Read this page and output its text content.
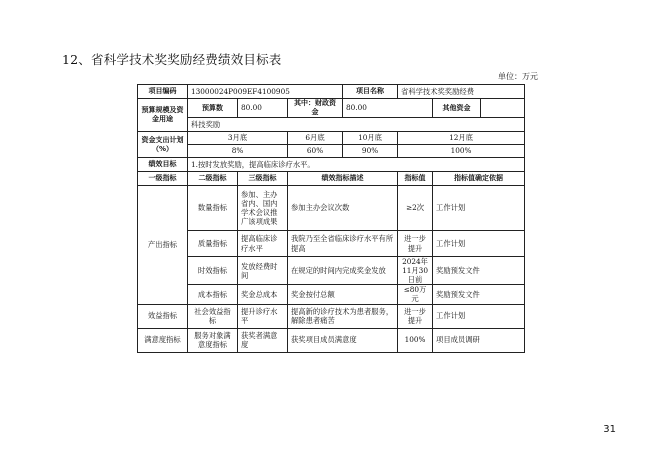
12、省科学技术奖奖励经费绩效目标表
单位：万元
项目编码	13000024P009EF4100905			项目名称	省科学技术奖奖励经费		
预算规模及资金用途	预算数	80.00	其中：财政资金	80.00		其他资金	
	科技奖励						
资金支出计划（%）	3月底		6月底	10月底	12月底		
	8%		60%	90%	100%		
绩效目标	1.按时发放奖励，提高临床诊疗水平。						
一级指标	二级指标	三级指标	绩效指标描述		指标值	指标值确定依据	
产出指标	数量指标	参加、主办省内、国内学术会议推广该项成果	参加主办会议次数		≥2次	工作计划	
	质量指标	提高临床诊疗水平	我院乃至全省临床诊疗水平有所提高		进一步提升	工作计划	
	时效指标	发放经费时间	在规定的时间内完成奖金发放		2024年11月30日前	奖励预发文件	
	成本指标	奖金总成本	奖金按付总额		≤80万元	奖励预发文件	
效益指标	社会效益指标	提升诊疗水平	提高新的诊疗技术为患者服务，解除患者痛苦		进一步提升	工作计划	
满意度指标	服务对象满意度指标	获奖者满意度	获奖项目成员满意度		100%	项目成员调研	
31
